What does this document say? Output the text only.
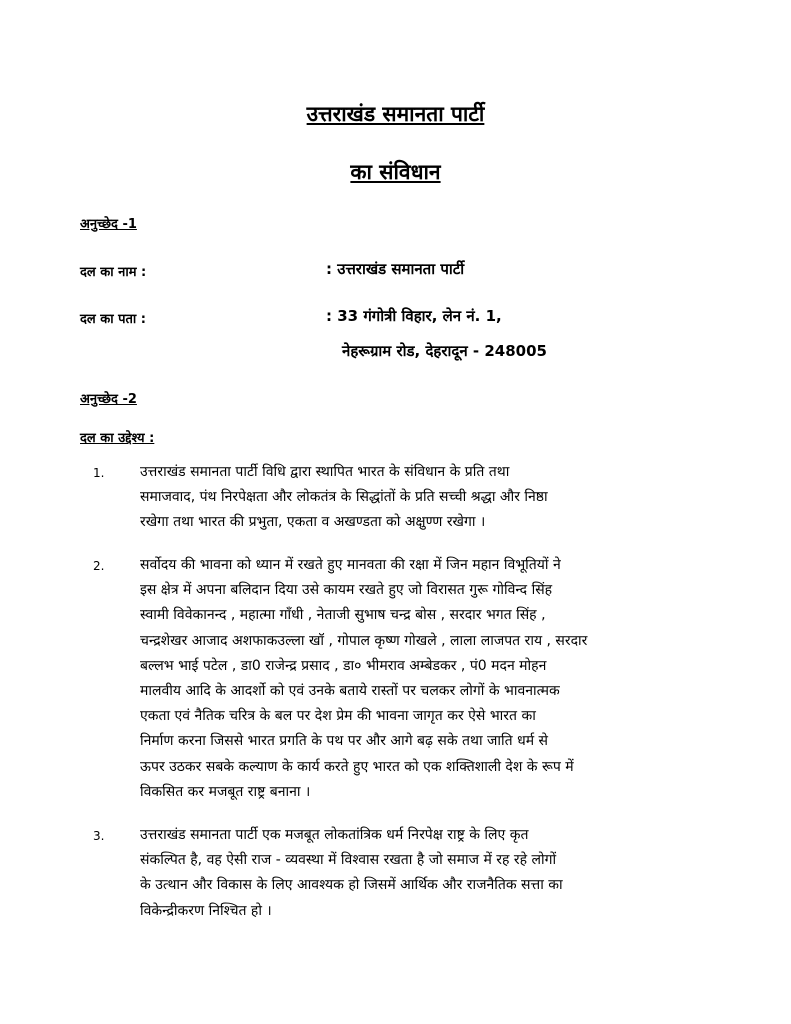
उत्तराखंड समानता पार्टी
का संविधान
अनुच्छेद -1
दल का नाम :	: उत्तराखंड समानता पार्टी
दल का पता :	: 33 गंगोत्री विहार, लेन नं. 1,
नेहरूग्राम रोड, देहरादून - 248005
अनुच्छेद -2
दल का उद्देश्य :
1.	उत्तराखंड समानता पार्टी विधि द्वारा स्थापित भारत के संविधान के प्रति तथा
समाजवाद, पंथ निरपेक्षता और लोकतंत्र के सिद्धांतों के प्रति सच्ची श्रद्धा और निष्ठा
रखेगा तथा भारत की प्रभुता, एकता व अखण्डता को अक्षुण्ण रखेगा ।
2.	सर्वोदय की भावना को ध्यान में रखते हुए मानवता की रक्षा में जिन महान विभूतियों ने
इस क्षेत्र में अपना बलिदान दिया उसे कायम रखते हुए जो विरासत गुरू गोविन्द सिंह
स्वामी विवेकानन्द , महात्मा गाँधी , नेताजी सुभाष चन्द्र बोस , सरदार भगत सिंह ,
चन्द्रशेखर आजाद अशफाकउल्ला खॉ , गोपाल कृष्ण गोखले , लाला लाजपत राय , सरदार
बल्लभ भाई पटेल , डा0 राजेन्द्र प्रसाद , डा० भीमराव अम्बेडकर , पं0 मदन मोहन
मालवीय आदि के आदर्शो को एवं उनके बताये रास्तों पर चलकर लोगों के भावनात्मक
एकता एवं नैतिक चरित्र के बल पर देश प्रेम की भावना जागृत कर ऐसे भारत का
निर्माण करना जिससे भारत प्रगति के पथ पर और आगे बढ़ सके तथा जाति धर्म से
ऊपर उठकर सबके कल्याण के कार्य करते हुए भारत को एक शक्तिशाली देश के रूप में
विकसित कर मजबूत राष्ट्र बनाना ।
3.	उत्तराखंड समानता पार्टी एक मजबूत लोकतांत्रिक धर्म निरपेक्ष राष्ट्र के लिए कृत
संकल्पित है, वह ऐसी राज - व्यवस्था में विश्वास रखता है जो समाज में रह रहे लोगों
के उत्थान और विकास के लिए आवश्यक हो जिसमें आर्थिक और राजनैतिक सत्ता का
विकेन्द्रीकरण निश्चित हो ।
